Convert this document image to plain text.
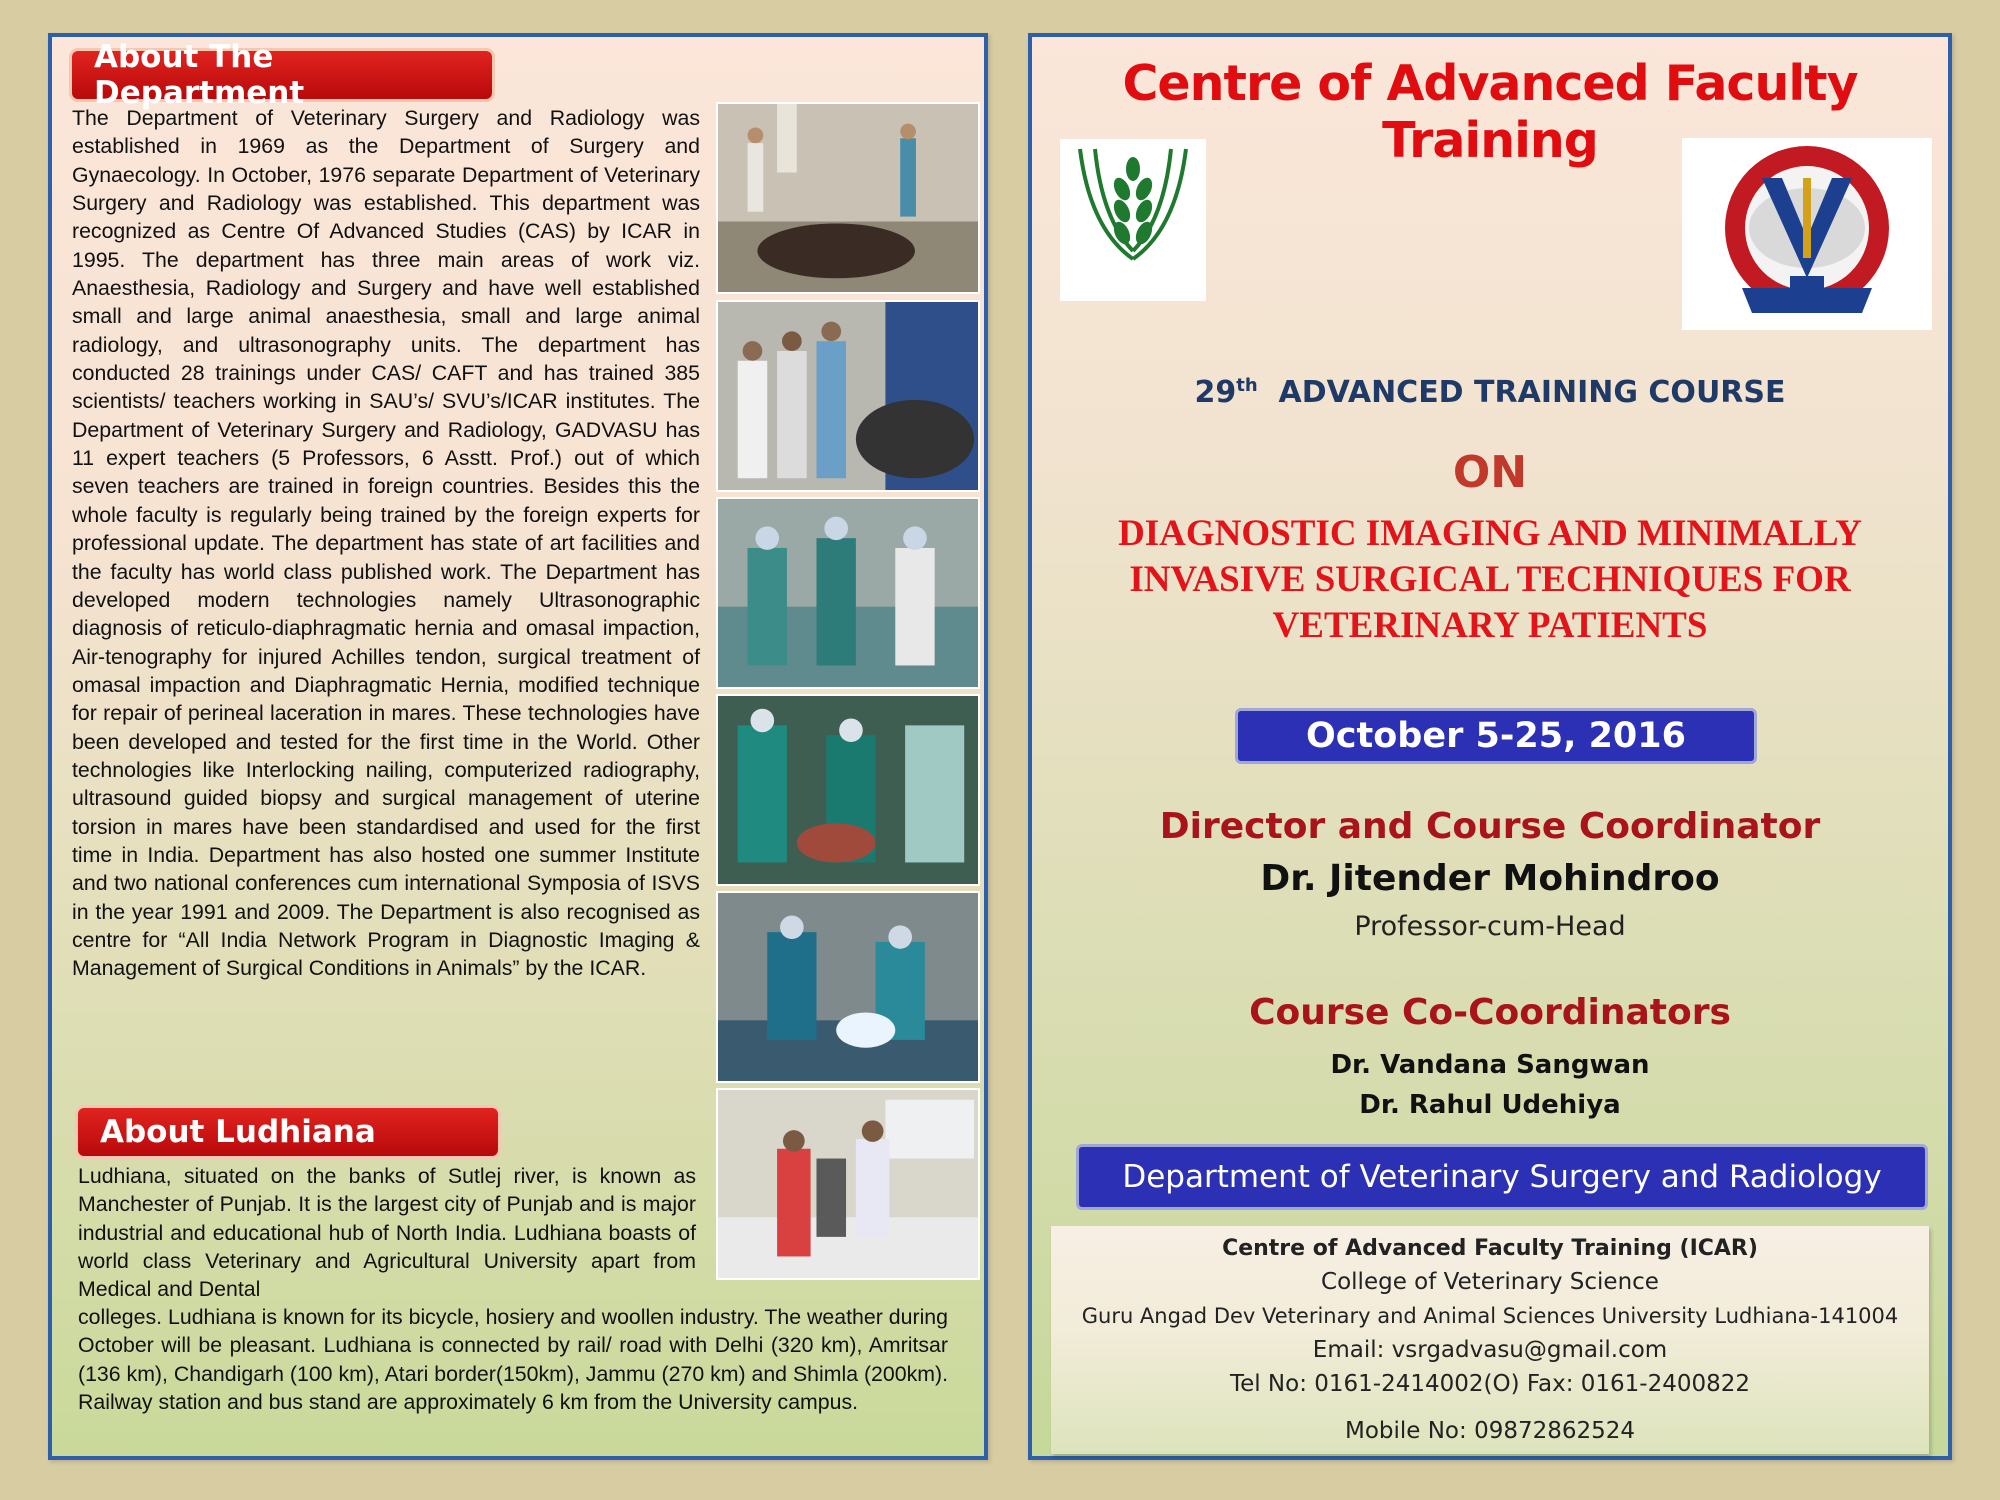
About The Department
The Department of Veterinary Surgery and Radiology was established in 1969 as the Department of Surgery and Gynaecology. In October, 1976 separate Department of Veterinary Surgery and Radiology was established. This department was recognized as Centre Of Advanced Studies (CAS) by ICAR in 1995. The department has three main areas of work viz. Anaesthesia, Radiology and Surgery and have well established small and large animal anaesthesia, small and large animal radiology, and ultrasonography units. The department has conducted 28 trainings under CAS/ CAFT and has trained 385 scientists/ teachers working in SAU’s/ SVU’s/ICAR institutes. The Department of Veterinary Surgery and Radiology, GADVASU has 11 expert teachers (5 Professors, 6 Asstt. Prof.) out of which seven teachers are trained in foreign countries. Besides this the whole faculty is regularly being trained by the foreign experts for professional update. The department has state of art facilities and the faculty has world class published work. The Department has developed modern technologies namely Ultrasonographic diagnosis of reticulo-diaphragmatic hernia and omasal impaction, Air-tenography for injured Achilles tendon, surgical treatment of omasal impaction and Diaphragmatic Hernia, modified technique for repair of perineal laceration in mares. These technologies have been developed and tested for the first time in the World. Other technologies like Interlocking nailing, computerized radiography, ultrasound guided biopsy and surgical management of uterine torsion in mares have been standardised and used for the first time in India. Department has also hosted one summer Institute and two national conferences cum international Symposia of ISVS in the year 1991 and 2009. The Department is also recognised as centre for “All India Network Program in Diagnostic Imaging & Management of Surgical Conditions in Animals” by the ICAR.
About Ludhiana
Ludhiana, situated on the banks of Sutlej river, is known as Manchester of Punjab. It is the largest city of Punjab and is major industrial and educational hub of North India. Ludhiana boasts of world class Veterinary and Agricultural University apart from Medical and Dental
colleges. Ludhiana is known for its bicycle, hosiery and woollen industry. The weather during October will be pleasant. Ludhiana is connected by rail/ road with Delhi (320 km), Amritsar (136 km), Chandigarh (100 km), Atari border(150km), Jammu (270 km) and Shimla (200km). Railway station and bus stand are approximately 6 km from the University campus.
Centre of Advanced Faculty Training
29th ADVANCED TRAINING COURSE
ON
DIAGNOSTIC IMAGING AND MINIMALLY
INVASIVE SURGICAL TECHNIQUES FOR
VETERINARY PATIENTS
October 5-25, 2016
Director and Course Coordinator
Dr. Jitender Mohindroo
Professor-cum-Head
Course Co-Coordinators
Dr. Vandana Sangwan
Dr. Rahul Udehiya
Department of Veterinary Surgery and Radiology
Centre of Advanced Faculty Training (ICAR)
College of Veterinary Science
Guru Angad Dev Veterinary and Animal Sciences University Ludhiana-141004
Email: vsrgadvasu@gmail.com
Tel No: 0161-2414002(O) Fax: 0161-2400822
Mobile No: 09872862524
